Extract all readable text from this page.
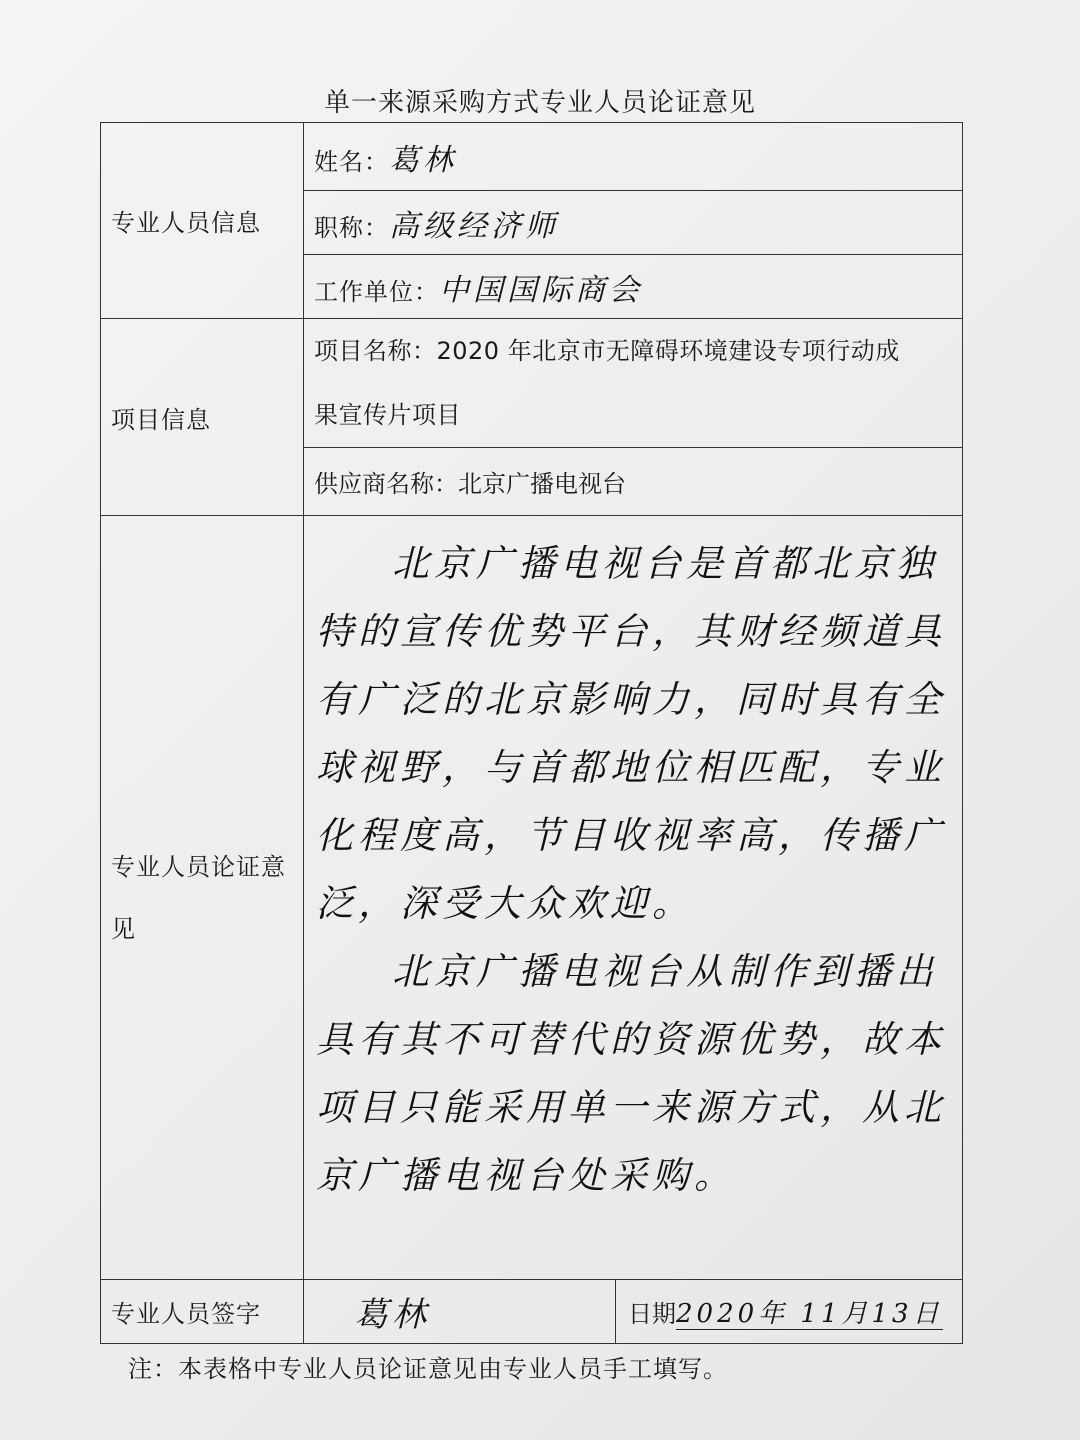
单一来源采购方式专业人员论证意见
专业人员信息	姓名：葛林	
	职称：高级经济师	
	工作单位：中国国际商会	
项目信息	项目名称：2020 年北京市无障碍环境建设专项行动成
果宣传片项目	

	供应商名称：北京广播电视台	

专业人员论证意见	北京广播电视台是首都北京独特的宣传优势平台，其财经频道具有广泛的北京影响力，同时具有全球视野，与首都地位相匹配，专业化程度高，节目收视率高，传播广泛，深受大众欢迎。

北京广播电视台从制作到播出具有其不可替代的资源优势，故本项目只能采用单一来源方式，从北京广播电视台处采购。	

专业人员签字	葛林	日期2020年 11月13日
注：本表格中专业人员论证意见由专业人员手工填写。
